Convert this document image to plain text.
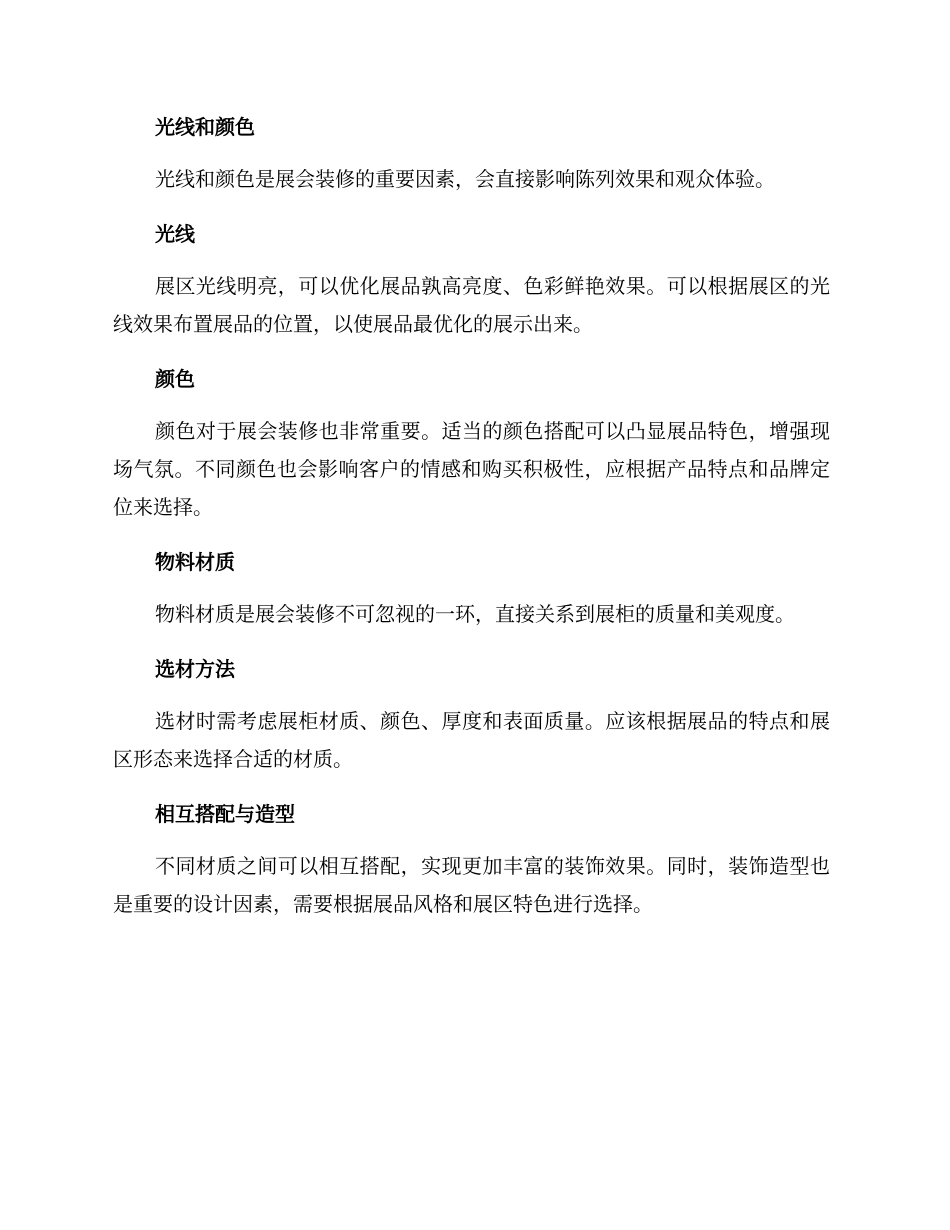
光线和颜色
光线和颜色是展会装修的重要因素，会直接影响陈列效果和观众体验。
光线
展区光线明亮，可以优化展品孰高亮度、色彩鲜艳效果。可以根据展区的光线效果布置展品的位置，以使展品最优化的展示出来。
颜色
颜色对于展会装修也非常重要。适当的颜色搭配可以凸显展品特色，增强现场气氛。不同颜色也会影响客户的情感和购买积极性，应根据产品特点和品牌定位来选择。
物料材质
物料材质是展会装修不可忽视的一环，直接关系到展柜的质量和美观度。
选材方法
选材时需考虑展柜材质、颜色、厚度和表面质量。应该根据展品的特点和展区形态来选择合适的材质。
相互搭配与造型
不同材质之间可以相互搭配，实现更加丰富的装饰效果。同时，装饰造型也是重要的设计因素，需要根据展品风格和展区特色进行选择。
